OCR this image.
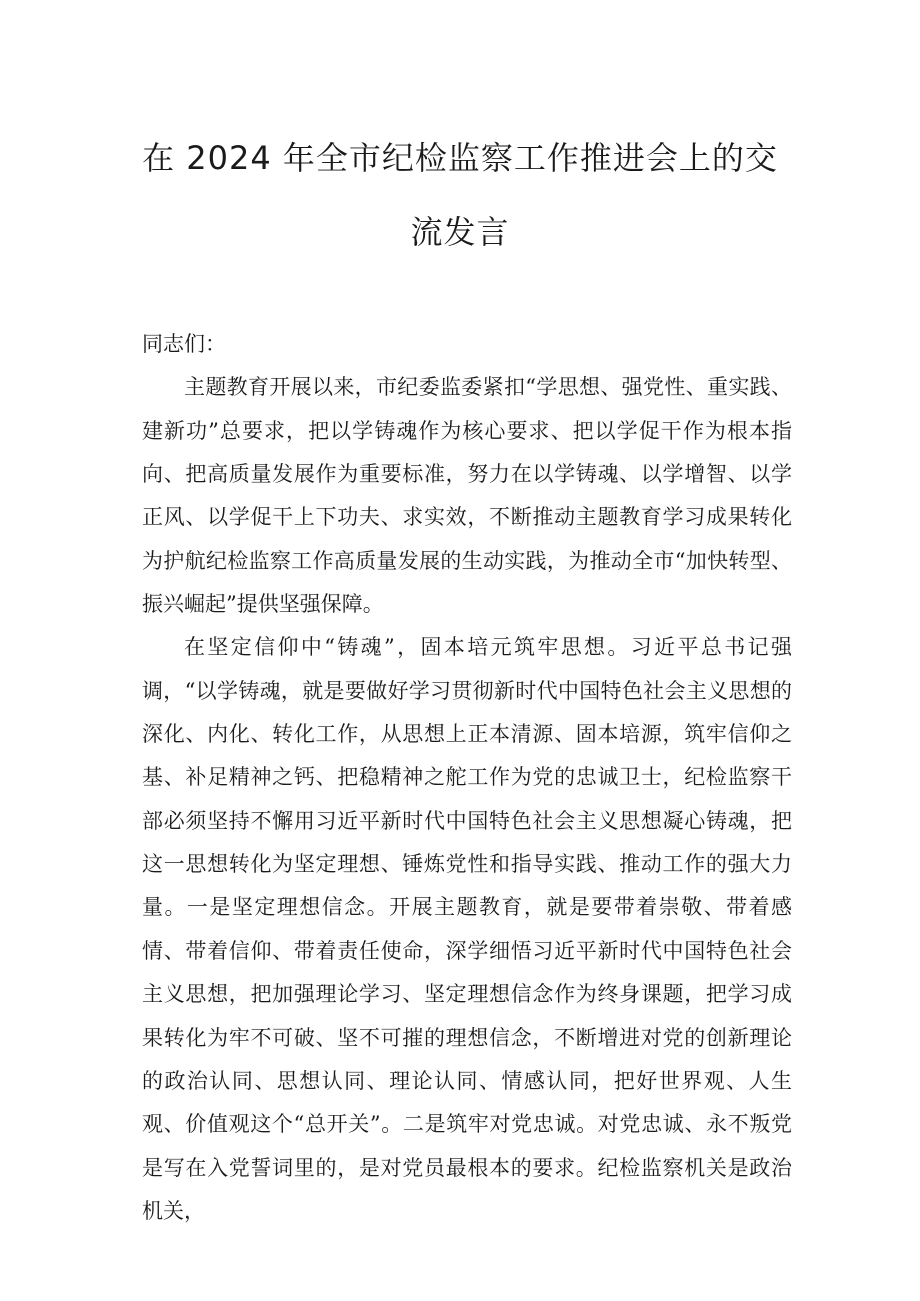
在 2024 年全市纪检监察工作推进会上的交
流发言

同志们：

主题教育开展以来，市纪委监委紧扣“学思想、强党性、重实践、建新功”总要求，把以学铸魂作为核心要求、把以学促干作为根本指向、把高质量发展作为重要标准，努力在以学铸魂、以学增智、以学正风、以学促干上下功夫、求实效，不断推动主题教育学习成果转化为护航纪检监察工作高质量发展的生动实践，为推动全市“加快转型、振兴崛起”提供坚强保障。

在坚定信仰中“铸魂”，固本培元筑牢思想。习近平总书记强调，“以学铸魂，就是要做好学习贯彻新时代中国特色社会主义思想的深化、内化、转化工作，从思想上正本清源、固本培源，筑牢信仰之基、补足精神之钙、把稳精神之舵工作为党的忠诚卫士，纪检监察干部必须坚持不懈用习近平新时代中国特色社会主义思想凝心铸魂，把这一思想转化为坚定理想、锤炼党性和指导实践、推动工作的强大力量。一是坚定理想信念。开展主题教育，就是要带着崇敬、带着感情、带着信仰、带着责任使命，深学细悟习近平新时代中国特色社会主义思想，把加强理论学习、坚定理想信念作为终身课题，把学习成果转化为牢不可破、坚不可摧的理想信念，不断增进对党的创新理论的政治认同、思想认同、理论认同、情感认同，把好世界观、人生观、价值观这个“总开关”。二是筑牢对党忠诚。对党忠诚、永不叛党是写在入党誓词里的，是对党员最根本的要求。纪检监察机关是政治机关，
